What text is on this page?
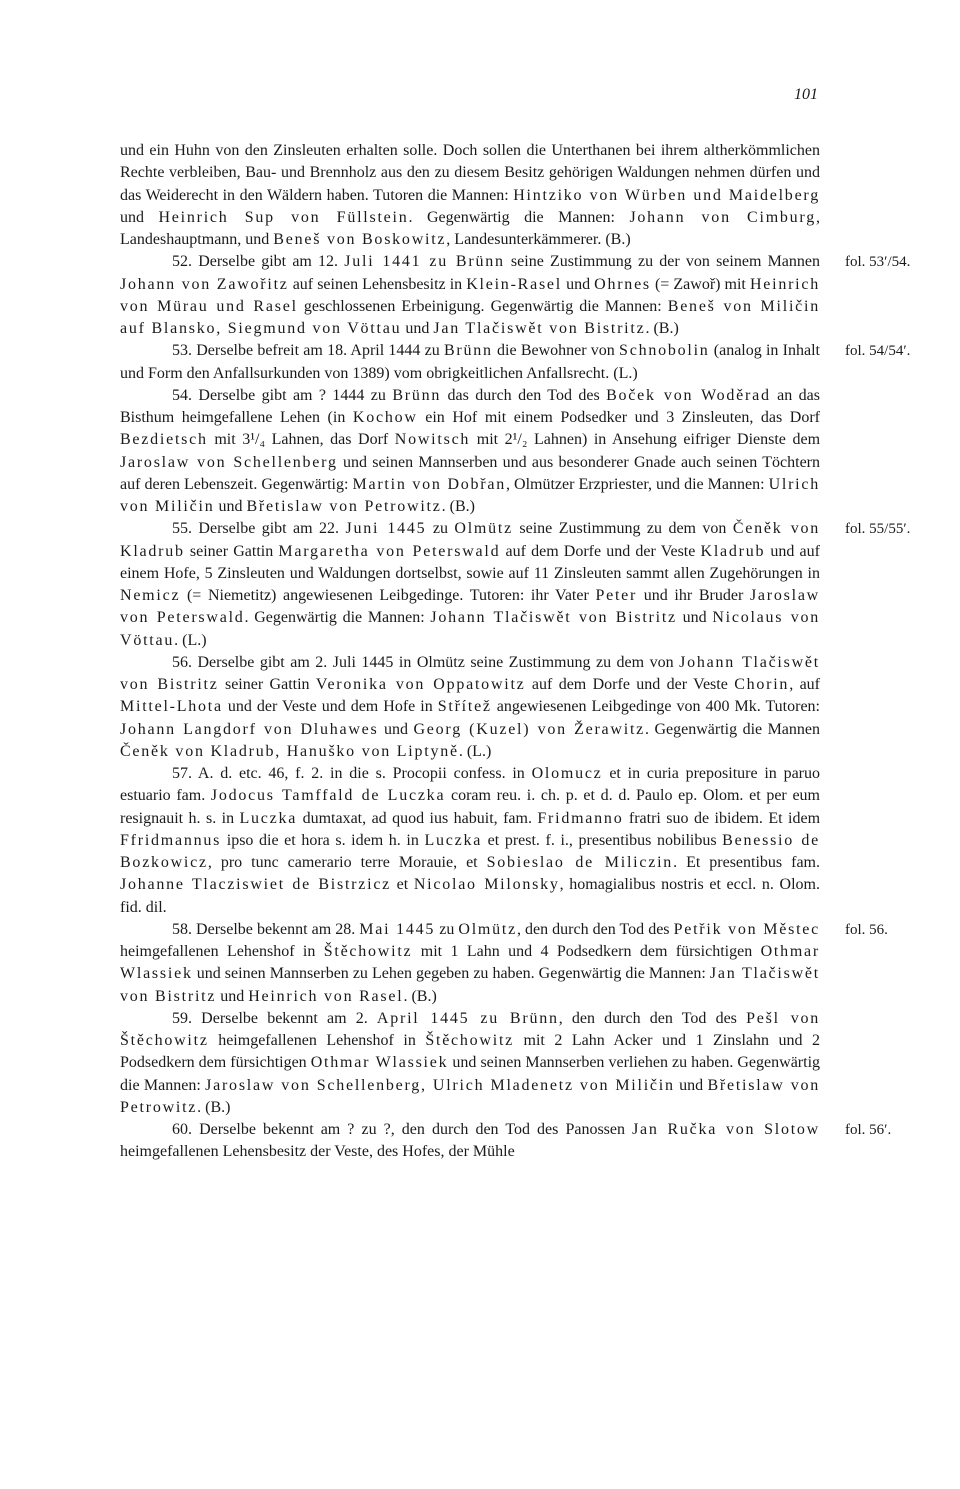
101

und ein Huhn von den Zinsleuten erhalten solle. Doch sollen die Unterthanen bei ihrem altherkömmlichen Rechte verbleiben, Bau- und Brennholz aus den zu diesem Besitz gehörigen Waldungen nehmen dürfen und das Weiderecht in den Wäldern haben. Tutoren die Mannen: Hintziko von Würben und Maidelberg und Heinrich Sup von Füllstein. Gegenwärtig die Mannen: Johann von Cimburg, Landeshauptmann, und Beneš von Boskowitz, Landesunterkämmerer. (B.)

52. Derselbe gibt am 12. Juli 1441 zu Brünn seine Zustimmung zu der von seinem Mannen Johann von Zawořitz auf seinen Lehensbesitz in Klein-Rasel und Ohrnes (= Zawoř) mit Heinrich von Mürau und Rasel geschlossenen Erbeinigung. Gegenwärtig die Mannen: Beneš von Miličin auf Blansko, Siegmund von Vöttau und Jan Tlačiswět von Bistritz. (B.)
fol. 53′/54.

53. Derselbe befreit am 18. April 1444 zu Brünn die Bewohner von Schnobolin (analog in Inhalt und Form den Anfallsurkunden von 1389) vom obrigkeitlichen Anfallsrecht. (L.)
fol. 54/54′.

54. Derselbe gibt am ? 1444 zu Brünn das durch den Tod des Boček von Woděrad an das Bisthum heimgefallene Lehen (in Kochow ein Hof mit einem Podsedker und 3 Zinsleuten, das Dorf Bezdietsch mit 3¹/₄ Lahnen, das Dorf Nowitsch mit 2¹/₂ Lahnen) in Ansehung eifriger Dienste dem Jaroslaw von Schellenberg und seinen Mannserben und aus besonderer Gnade auch seinen Töchtern auf deren Lebenszeit. Gegenwärtig: Martin von Dobřan, Olmützer Erzpriester, und die Mannen: Ulrich von Miličin und Břetislaw von Petrowitz. (B.)

55. Derselbe gibt am 22. Juni 1445 zu Olmütz seine Zustimmung zu dem von Čeněk von Kladrub seiner Gattin Margaretha von Peterswald auf dem Dorfe und der Veste Kladrub und auf einem Hofe, 5 Zinsleuten und Waldungen dortselbst, sowie auf 11 Zinsleuten sammt allen Zugehörungen in Nemicz (= Niemetitz) angewiesenen Leibgedinge. Tutoren: ihr Vater Peter und ihr Bruder Jaroslaw von Peterswald. Gegenwärtig die Mannen: Johann Tlačiswět von Bistritz und Nicolaus von Vöttau. (L.)
fol. 55/55′.

56. Derselbe gibt am 2. Juli 1445 in Olmütz seine Zustimmung zu dem von Johann Tlačiswět von Bistritz seiner Gattin Veronika von Oppatowitz auf dem Dorfe und der Veste Chorin, auf Mittel-Lhota und der Veste und dem Hofe in Střítež angewiesenen Leibgedinge von 400 Mk. Tutoren: Johann Langdorf von Dluhawes und Georg (Kuzel) von Žerawitz. Gegenwärtig die Mannen Čeněk von Kladrub, Hanuško von Liptyně. (L.)

57. A. d. etc. 46, f. 2. in die s. Procopii confess. in Olomucz et in curia prepositure in paruo estuario fam. Jodocus Tamffald de Luczka coram reu. i. ch. p. et d. d. Paulo ep. Olom. et per eum resignauit h. s. in Luczka dumtaxat, ad quod ius habuit, fam. Fridmanno fratri suo de ibidem. Et idem Ffridmannus ipso die et hora s. idem h. in Luczka et prest. f. i., presentibus nobilibus Benessio de Bozkowicz, pro tunc camerario terre Morauie, et Sobieslao de Miliczin. Et presentibus fam. Johanne Tlacziswiet de Bistrzicz et Nicolao Milonsky, homagialibus nostris et eccl. n. Olom. fid. dil.

58. Derselbe bekennt am 28. Mai 1445 zu Olmütz, den durch den Tod des Petřik von Městec heimgefallenen Lehenshof in Štěchowitz mit 1 Lahn und 4 Podsedkern dem fürsichtigen Othmar Wlassiek und seinen Mannserben zu Lehen gegeben zu haben. Gegenwärtig die Mannen: Jan Tlačiswět von Bistritz und Heinrich von Rasel. (B.)
fol. 56.

59. Derselbe bekennt am 2. April 1445 zu Brünn, den durch den Tod des Pešl von Štěchowitz heimgefallenen Lehenshof in Štěchowitz mit 2 Lahn Acker und 1 Zinslahn und 2 Podsedkern dem fürsichtigen Othmar Wlassiek und seinen Mannserben verliehen zu haben. Gegenwärtig die Mannen: Jaroslaw von Schellenberg, Ulrich Mladenetz von Miličin und Břetislaw von Petrowitz. (B.)

60. Derselbe bekennt am ? zu ?, den durch den Tod des Panossen Jan Ručka von Slotow heimgefallenen Lehensbesitz der Veste, des Hofes, der Mühle
fol. 56′.
